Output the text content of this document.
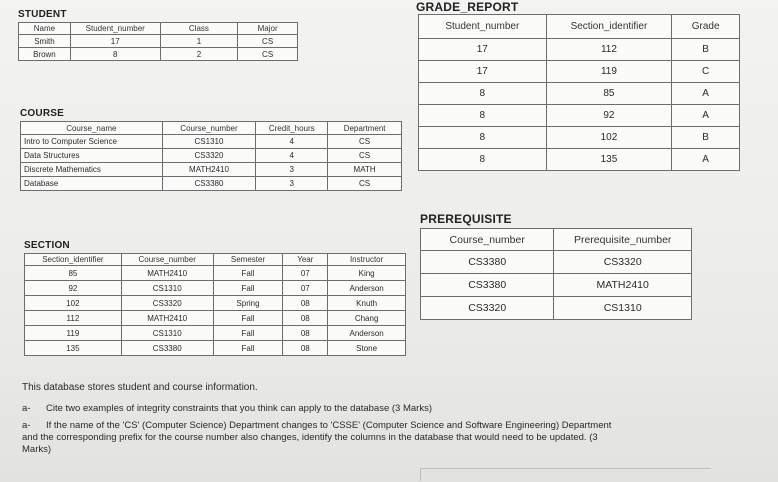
STUDENT
Name	Student_number	Class	Major
Smith	17	1	CS
Brown	8	2	CS
COURSE
Course_name	Course_number	Credit_hours	Department
Intro to Computer Science	CS1310	4	CS
Data Structures	CS3320	4	CS
Discrete Mathematics	MATH2410	3	MATH
Database	CS3380	3	CS
SECTION
Section_identifier	Course_number	Semester	Year	Instructor
85	MATH2410	Fall	07	King
92	CS1310	Fall	07	Anderson
102	CS3320	Spring	08	Knuth
112	MATH2410	Fall	08	Chang
119	CS1310	Fall	08	Anderson
135	CS3380	Fall	08	Stone
GRADE_REPORT
Student_number	Section_identifier	Grade
17	112	B
17	119	C
8	85	A
8	92	A
8	102	B
8	135	A
PREREQUISITE
Course_number	Prerequisite_number
CS3380	CS3320
CS3380	MATH2410
CS3320	CS1310
This database stores student and course information.
a- Cite two examples of integrity constraints that you think can apply to the database (3 Marks)
a- If the name of the 'CS' (Computer Science) Department changes to 'CSSE' (Computer Science and Software Engineering) Department
and the corresponding prefix for the course number also changes, identify the columns in the database that would need to be updated. (3
Marks)
